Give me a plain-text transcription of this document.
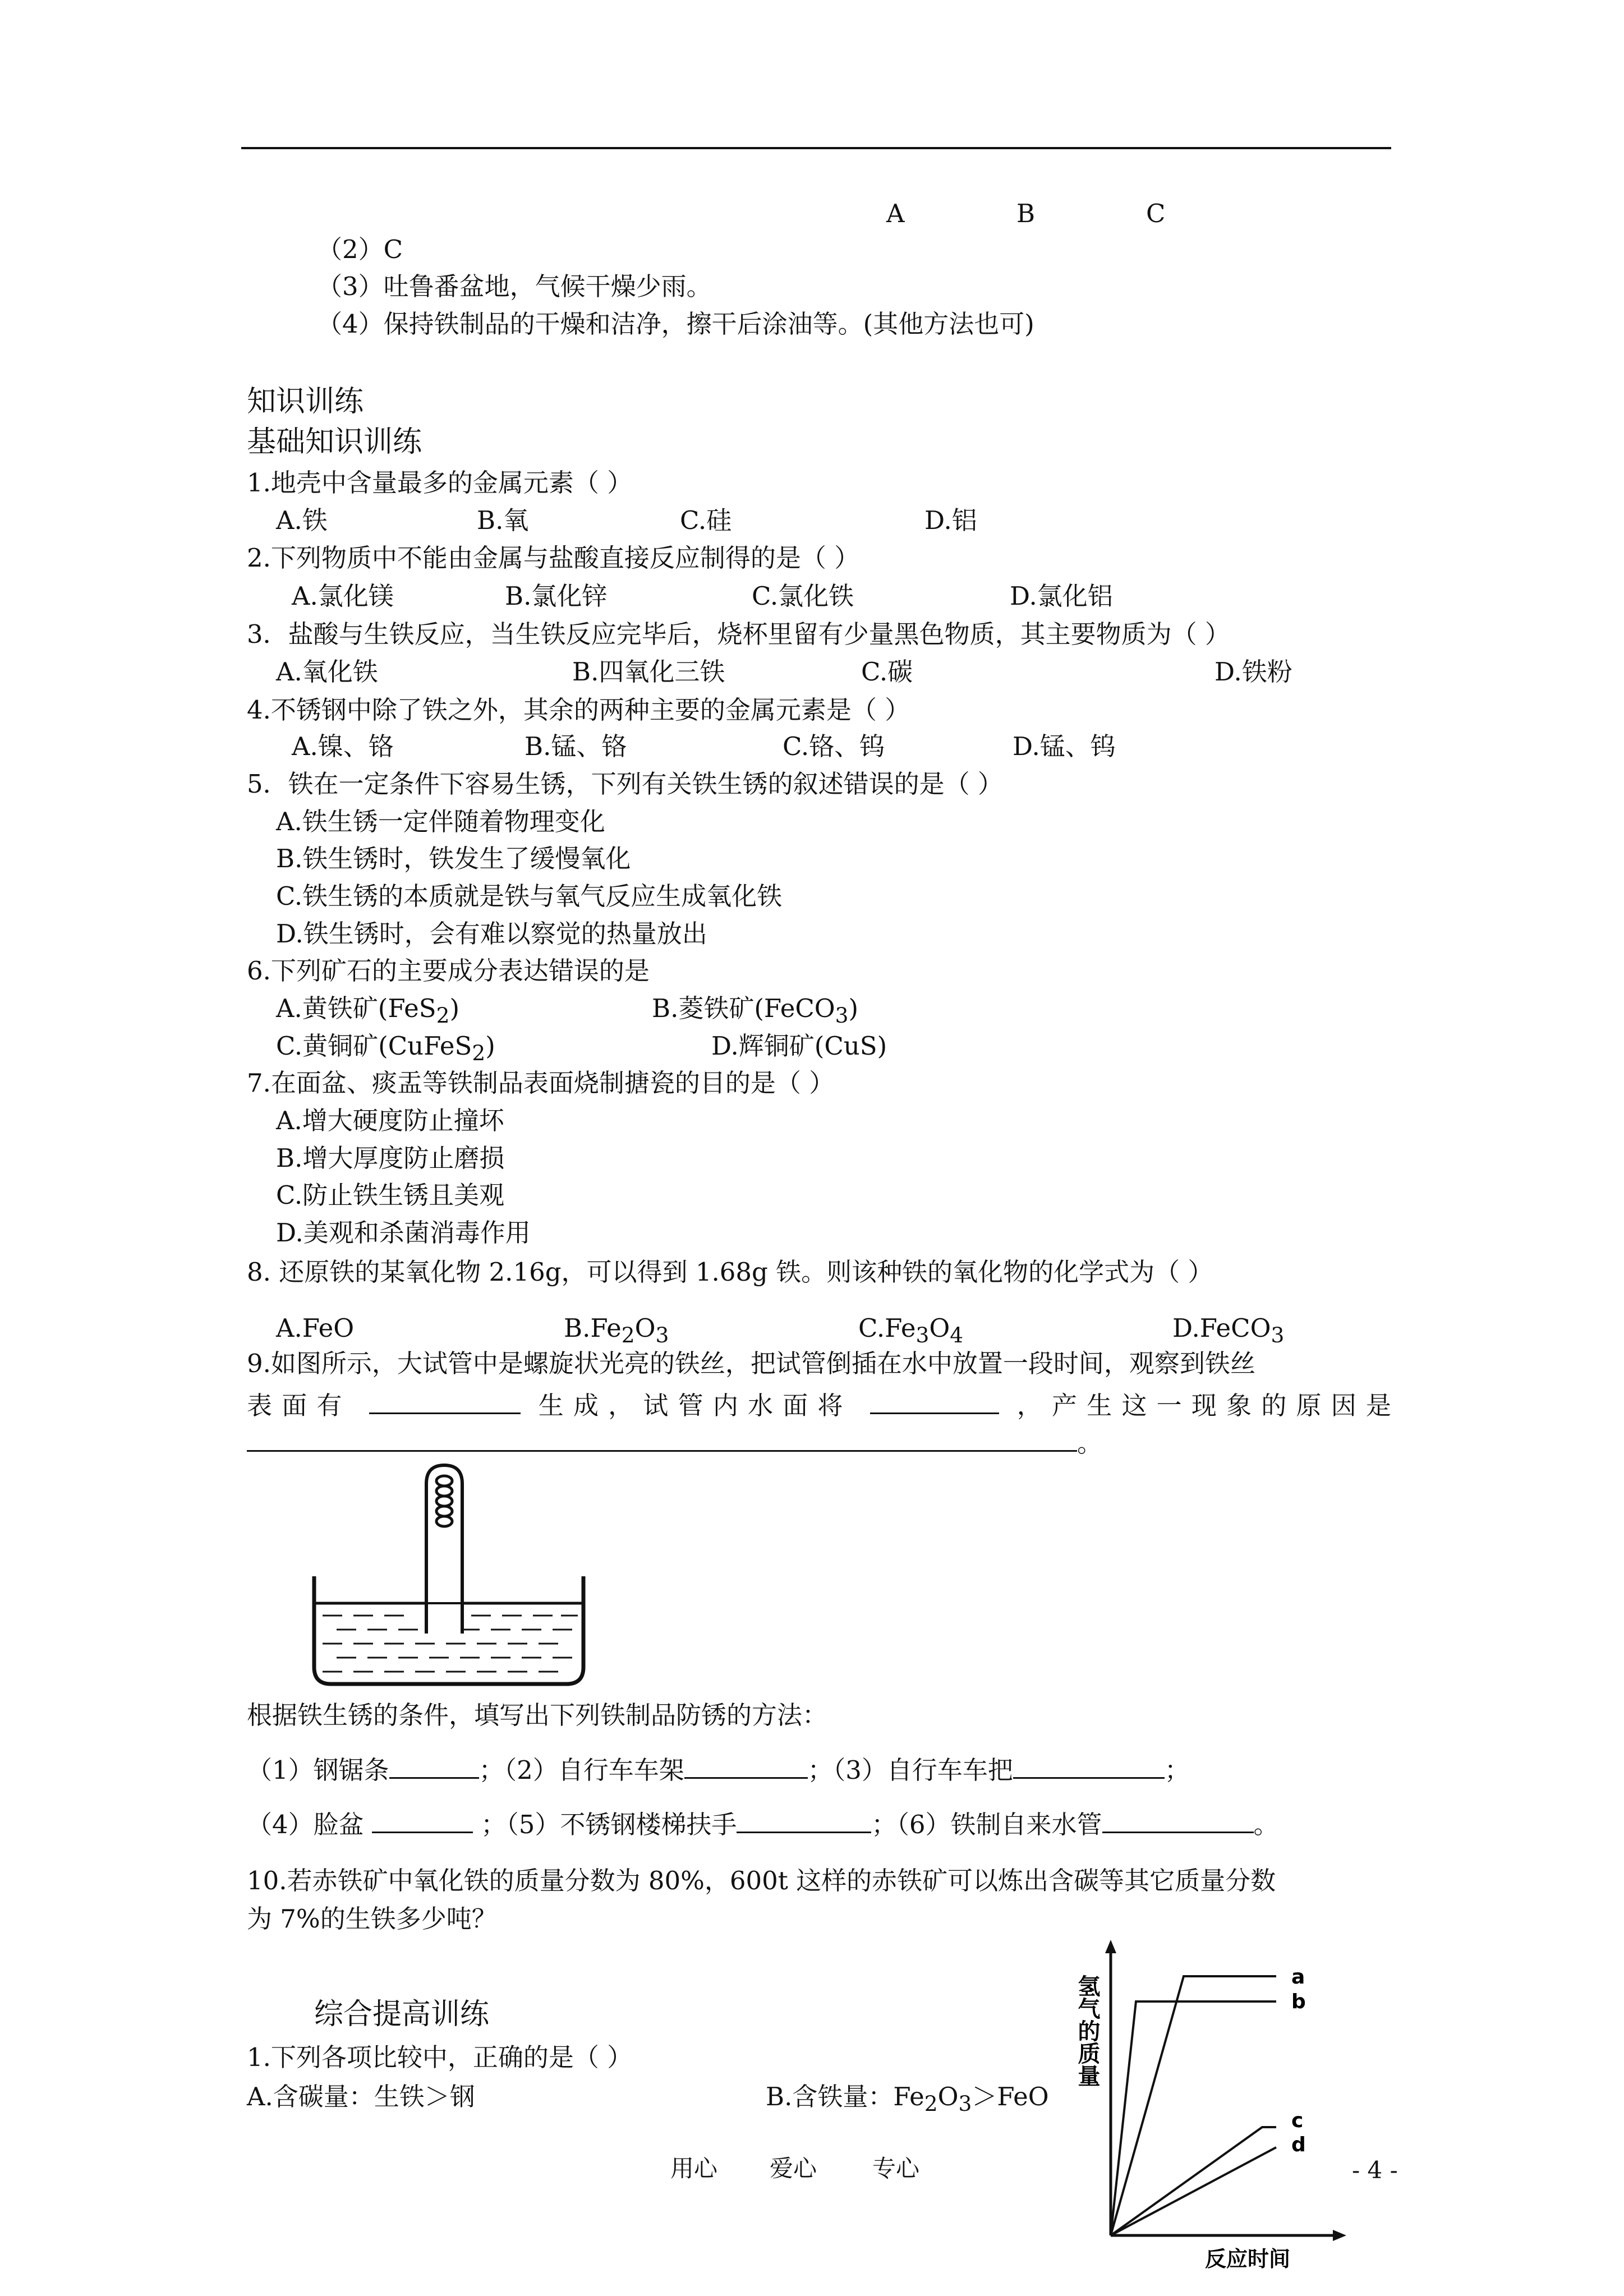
A	B	C
（2）C
（3）吐鲁番盆地，气候干燥少雨。
（4）保持铁制品的干燥和洁净，擦干后涂油等。(其他方法也可)
知识训练
基础知识训练
1.地壳中含量最多的金属元素（ ）
A.铁	B.氧	C.硅	D.铝
2.下列物质中不能由金属与盐酸直接反应制得的是（ ）
A.氯化镁	B.氯化锌	C.氯化铁	D.氯化铝
3．盐酸与生铁反应，当生铁反应完毕后，烧杯里留有少量黑色物质，其主要物质为（ ）
A.氧化铁	B.四氧化三铁	C.碳	D.铁粉
4.不锈钢中除了铁之外，其余的两种主要的金属元素是（ ）
A.镍、铬	B.锰、铬	C.铬、钨	D.锰、钨
5．铁在一定条件下容易生锈，下列有关铁生锈的叙述错误的是（ ）
A.铁生锈一定伴随着物理变化
B.铁生锈时，铁发生了缓慢氧化
C.铁生锈的本质就是铁与氧气反应生成氧化铁
D.铁生锈时，会有难以察觉的热量放出
6.下列矿石的主要成分表达错误的是
A.黄铁矿(FeS$_2$)	B.菱铁矿(FeCO$_3$)
C.黄铜矿(CuFeS$_2$)	D.辉铜矿(CuS)
7.在面盆、痰盂等铁制品表面烧制搪瓷的目的是（ ）
A.增大硬度防止撞坏
B.增大厚度防止磨损
C.防止铁生锈且美观
D.美观和杀菌消毒作用
8. 还原铁的某氧化物 2.16g，可以得到 1.68g 铁。则该种铁的氧化物的化学式为（ ）
A.FeO	$B.Fe_2O_3$	$C.Fe_3O_4$	D.FeCO$_3$
9.如图所示，大试管中是螺旋状光亮的铁丝，把试管倒插在水中放置一段时间，观察到铁丝
表面有	生成，试管内水面将	，产生这一现象的原因是
。
根据铁生锈的条件，填写出下列铁制品防锈的方法：
（1）钢锯条	；（2）自行车车架	；（3）自行车车把	；
（4）脸盆	；（5）不锈钢楼梯扶手	；（6）铁制自来水管	。
10.若赤铁矿中氧化铁的质量分数为 80%，600t 这样的赤铁矿可以炼出含碳等其它质量分数
为 7%的生铁多少吨？
综合提高训练
1.下列各项比较中，正确的是（ ）
A.含碳量：生铁＞钢	B.含铁量：$Fe_2O_3>FeO$
氢气的质量	a
b
c
d
反应时间
用心 爱心 专心	- 4 -
